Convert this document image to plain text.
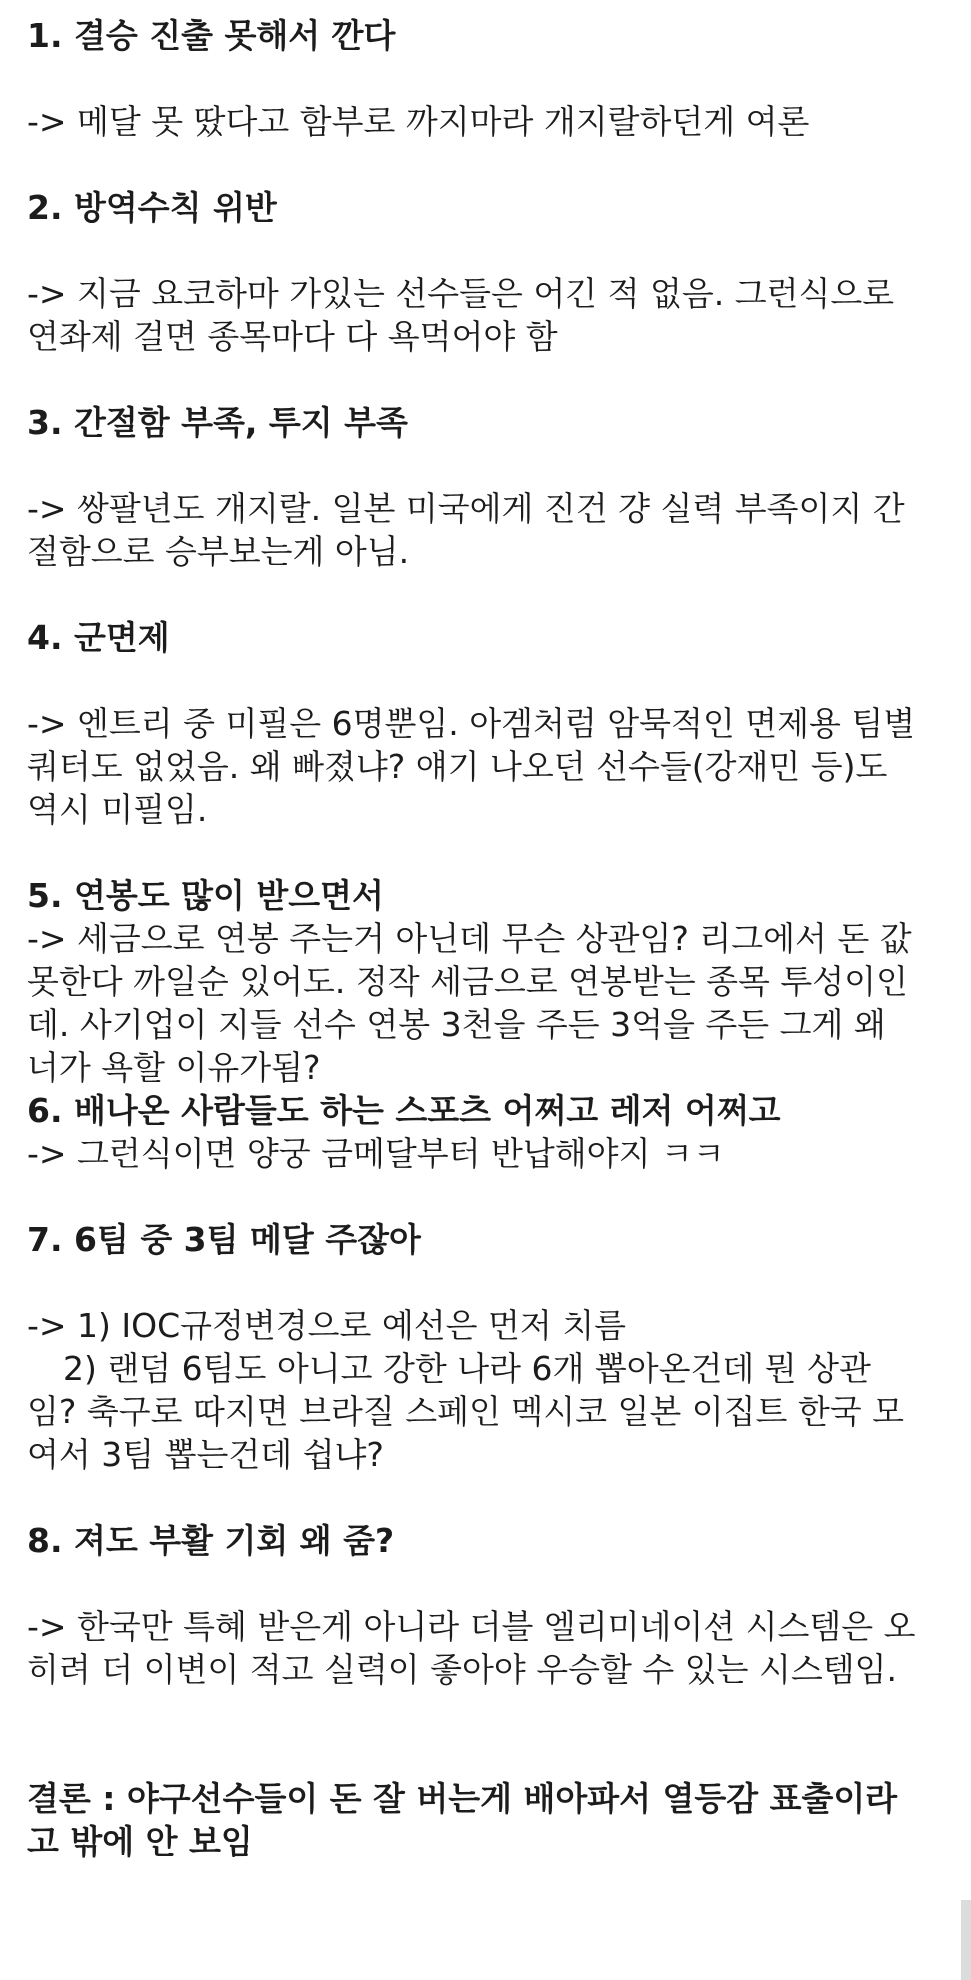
1. 결승 진출 못해서 깐다

-> 메달 못 땄다고 함부로 까지마라 개지랄하던게 여론

2. 방역수칙 위반

-> 지금 요코하마 가있는 선수들은 어긴 적 없음. 그런식으로
연좌제 걸면 종목마다 다 욕먹어야 함

3. 간절함 부족, 투지 부족

-> 쌍팔년도 개지랄. 일본 미국에게 진건 걍 실력 부족이지 간
절함으로 승부보는게 아님.

4. 군면제

-> 엔트리 중 미필은 6명뿐임. 아겜처럼 암묵적인 면제용 팀별
쿼터도 없었음. 왜 빠졌냐? 얘기 나오던 선수들(강재민 등)도
역시 미필임.

5. 연봉도 많이 받으면서

-> 세금으로 연봉 주는거 아닌데 무슨 상관임? 리그에서 돈 값
못한다 까일순 있어도. 정작 세금으로 연봉받는 종목 투성이인
데. 사기업이 지들 선수 연봉 3천을 주든 3억을 주든 그게 왜
너가 욕할 이유가됨?

6. 배나온 사람들도 하는 스포츠 어쩌고 레저 어쩌고

-> 그런식이면 양궁 금메달부터 반납해야지 ㅋㅋ

7. 6팀 중 3팀 메달 주잖아

-> 1) IOC규정변경으로 예선은 먼저 치름

2) 랜덤 6팀도 아니고 강한 나라 6개 뽑아온건데 뭔 상관

임? 축구로 따지면 브라질 스페인 멕시코 일본 이집트 한국 모
여서 3팀 뽑는건데 쉽냐?

8. 져도 부활 기회 왜 줌?

-> 한국만 특혜 받은게 아니라 더블 엘리미네이션 시스템은 오
히려 더 이변이 적고 실력이 좋아야 우승할 수 있는 시스템임.

결론 : 야구선수들이 돈 잘 버는게 배아파서 열등감 표출이라
고 밖에 안 보임
